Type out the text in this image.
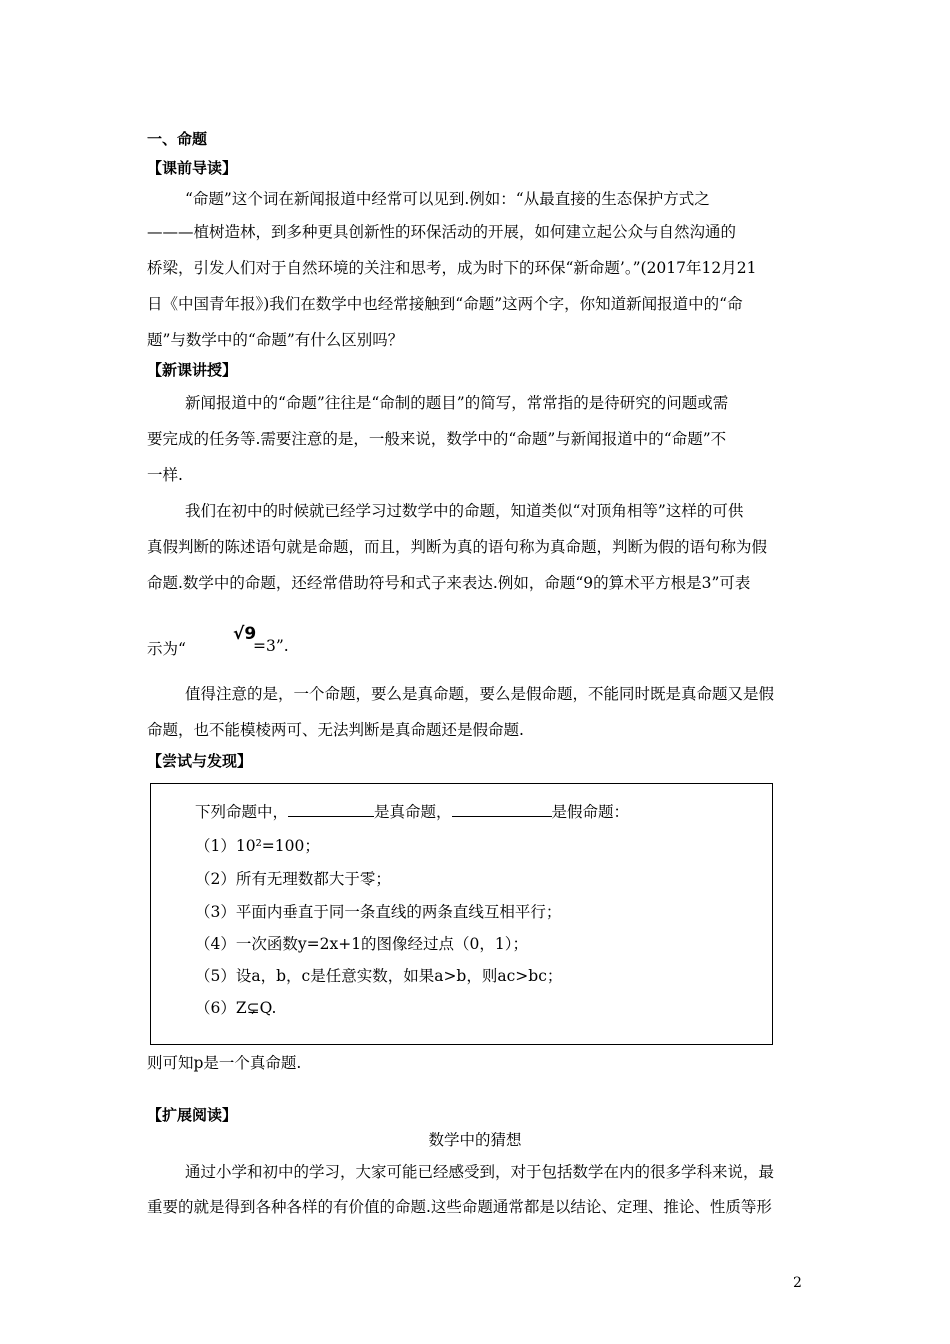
一、命题
【课前导读】
“命题”这个词在新闻报道中经常可以见到.例如：“从最直接的生态保护方式之
———植树造林，到多种更具创新性的环保活动的开展，如何建立起公众与自然沟通的
桥梁，引发人们对于自然环境的关注和思考，成为时下的环保“新命题’。”(2017年12月21
日《中国青年报》)我们在数学中也经常接触到“命题”这两个字，你知道新闻报道中的“命
题”与数学中的“命题”有什么区别吗？
【新课讲授】
新闻报道中的“命题”往往是“命制的题目”的简写，常常指的是待研究的问题或需
要完成的任务等.需要注意的是，一般来说，数学中的“命题”与新闻报道中的“命题”不
一样.
我们在初中的时候就已经学习过数学中的命题，知道类似“对顶角相等”这样的可供
真假判断的陈述语句就是命题，而且，判断为真的语句称为真命题，判断为假的语句称为假
命题.数学中的命题，还经常借助符号和式子来表达.例如，命题“9的算术平方根是3”可表
示为“
√9
=3”.
值得注意的是，一个命题，要么是真命题，要么是假命题，不能同时既是真命题又是假
命题，也不能模棱两可、无法判断是真命题还是假命题.
【尝试与发现】
下列命题中，	是真命题，	是假命题：
（1）10²=100；
（2）所有无理数都大于零；
（3）平面内垂直于同一条直线的两条直线互相平行；
（4）一次函数y=2x+1的图像经过点（0，1）；
（5）设a，b，c是任意实数，如果a>b，则ac>bc；
（6）Z⊊Q.
则可知p是一个真命题.
【扩展阅读】
数学中的猜想
通过小学和初中的学习，大家可能已经感受到，对于包括数学在内的很多学科来说，最
重要的就是得到各种各样的有价值的命题.这些命题通常都是以结论、定理、推论、性质等形
2
